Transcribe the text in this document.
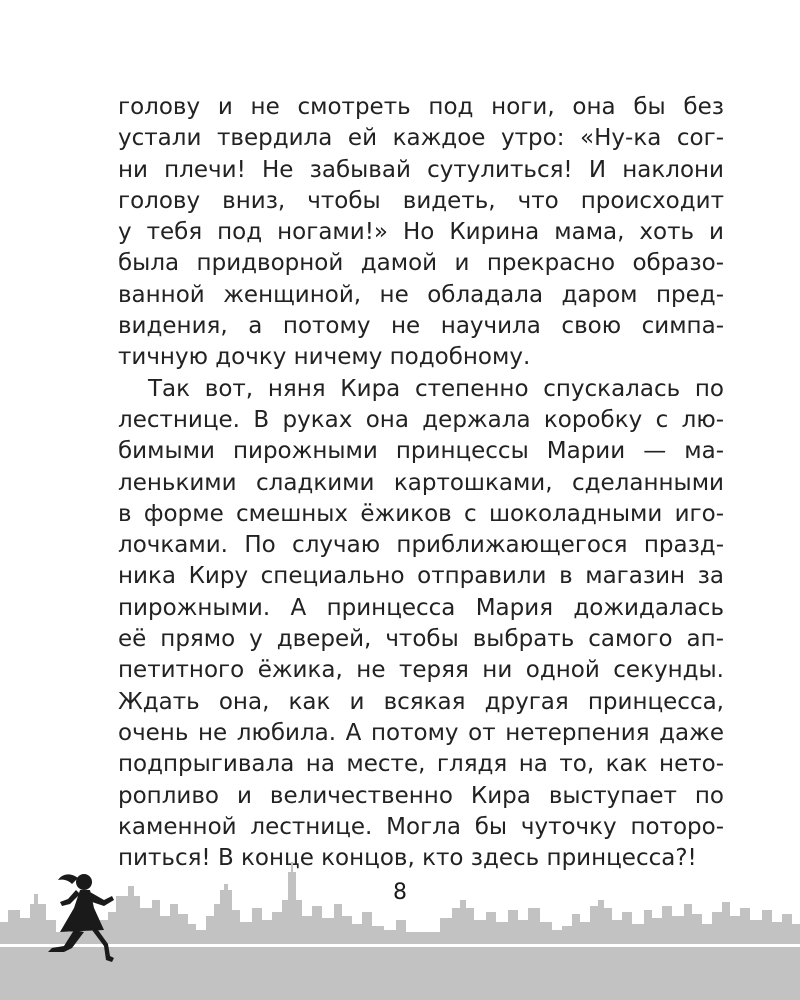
голову и не смотреть под ноги, она бы без
устали твердила ей каждое утро: «Ну-ка сог-
ни плечи! Не забывай сутулиться! И наклони
голову вниз, чтобы видеть, что происходит
у тебя под ногами!» Но Кирина мама, хоть и
была придворной дамой и прекрасно образо-
ванной женщиной, не обладала даром пред-
видения, а потому не научила свою симпа-
тичную дочку ничему подобному.
Так вот, няня Кира степенно спускалась по
лестнице. В руках она держала коробку с лю-
бимыми пирожными принцессы Марии — ма-
ленькими сладкими картошками, сделанными
в форме смешных ёжиков с шоколадными иго-
лочками. По случаю приближающегося празд-
ника Киру специально отправили в магазин за
пирожными. А принцесса Мария дожидалась
её прямо у дверей, чтобы выбрать самого ап-
петитного ёжика, не теряя ни одной секунды.
Ждать она, как и всякая другая принцесса,
очень не любила. А потому от нетерпения даже
подпрыгивала на месте, глядя на то, как нето-
ропливо и величественно Кира выступает по
каменной лестнице. Могла бы чуточку потoро-
питься! В конце концов, кто здесь принцесса?!
8
